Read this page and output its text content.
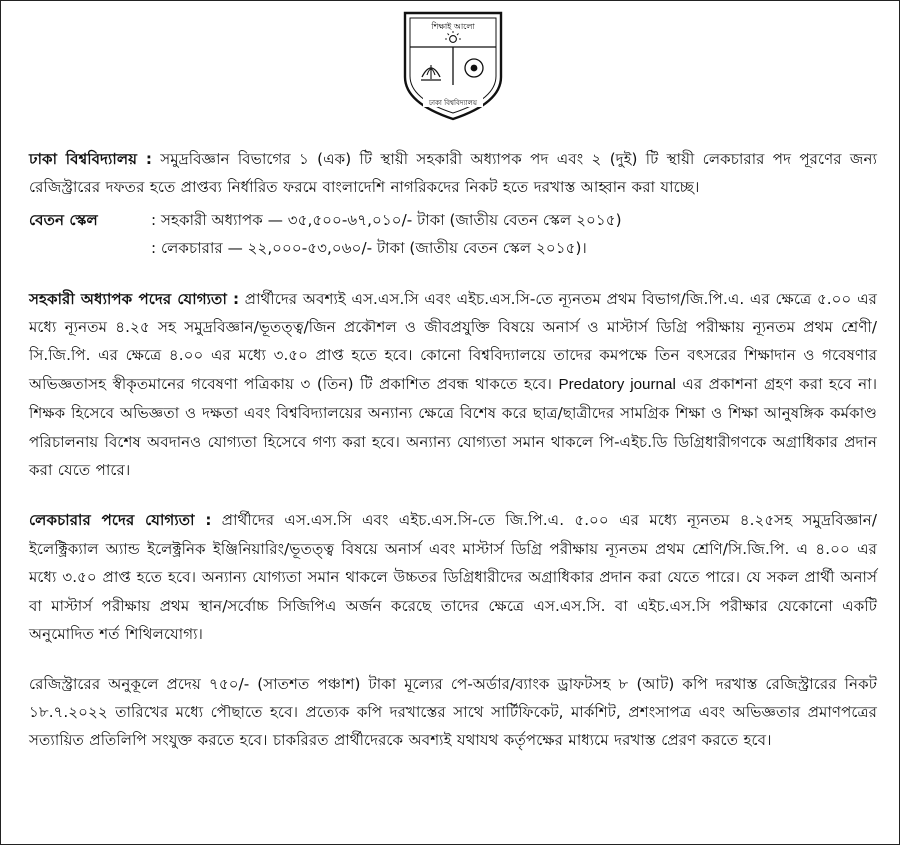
শিক্ষাই আলো
ঢাকা বিশ্ববিদ্যালয়

ঢাকা বিশ্ববিদ্যালয় : সমুদ্রবিজ্ঞান বিভাগের ১ (এক) টি স্থায়ী সহকারী অধ্যাপক পদ এবং ২ (দুই) টি স্থায়ী লেকচারার পদ পূরণের জন্য রেজিস্ট্রারের দফতর হতে প্রাপ্তব্য নির্ধারিত ফরমে বাংলাদেশি নাগরিকদের নিকট হতে দরখাস্ত আহ্বান করা যাচ্ছে।

বেতন স্কেল	: সহকারী অধ্যাপক — ৩৫,৫০০-৬৭,০১০/- টাকা (জাতীয় বেতন স্কেল ২০১৫)
: লেকচারার — ২২,০০০-৫৩,০৬০/- টাকা (জাতীয় বেতন স্কেল ২০১৫)।

সহকারী অধ্যাপক পদের যোগ্যতা : প্রার্থীদের অবশ্যই এস.এস.সি এবং এইচ.এস.সি-তে ন্যূনতম প্রথম বিভাগ/জি.পি.এ. এর ক্ষেত্রে ৫.০০ এর মধ্যে ন্যূনতম ৪.২৫ সহ সমুদ্রবিজ্ঞান/ভূতত্ত্ব/জিন প্রকৌশল ও জীবপ্রযুক্তি বিষয়ে অনার্স ও মাস্টার্স ডিগ্রি পরীক্ষায় ন্যূনতম প্রথম শ্রেণী/সি.জি.পি. এর ক্ষেত্রে ৪.০০ এর মধ্যে ৩.৫০ প্রাপ্ত হতে হবে। কোনো বিশ্ববিদ্যালয়ে তাদের কমপক্ষে তিন বৎসরের শিক্ষাদান ও গবেষণার অভিজ্ঞতাসহ স্বীকৃতমানের গবেষণা পত্রিকায় ৩ (তিন) টি প্রকাশিত প্রবন্ধ থাকতে হবে। Predatory journal এর প্রকাশনা গ্রহণ করা হবে না। শিক্ষক হিসেবে অভিজ্ঞতা ও দক্ষতা এবং বিশ্ববিদ্যালয়ের অন্যান্য ক্ষেত্রে বিশেষ করে ছাত্র/ছাত্রীদের সামগ্রিক শিক্ষা ও শিক্ষা আনুষঙ্গিক কর্মকাণ্ড পরিচালনায় বিশেষ অবদানও যোগ্যতা হিসেবে গণ্য করা হবে। অন্যান্য যোগ্যতা সমান থাকলে পি-এইচ.ডি ডিগ্রিধারীগণকে অগ্রাধিকার প্রদান করা যেতে পারে।

লেকচারার পদের যোগ্যতা : প্রার্থীদের এস.এস.সি এবং এইচ.এস.সি-তে জি.পি.এ. ৫.০০ এর মধ্যে ন্যূনতম ৪.২৫সহ সমুদ্রবিজ্ঞান/ইলেক্ট্রিক্যাল অ্যান্ড ইলেক্ট্রনিক ইঞ্জিনিয়ারিং/ভূতত্ত্ব বিষয়ে অনার্স এবং মাস্টার্স ডিগ্রি পরীক্ষায় ন্যূনতম প্রথম শ্রেণি/সি.জি.পি. এ ৪.০০ এর মধ্যে ৩.৫০ প্রাপ্ত হতে হবে। অন্যান্য যোগ্যতা সমান থাকলে উচ্চতর ডিগ্রিধারীদের অগ্রাধিকার প্রদান করা যেতে পারে। যে সকল প্রার্থী অনার্স বা মাস্টার্স পরীক্ষায় প্রথম স্থান/সর্বোচ্চ সিজিপিএ অর্জন করেছে তাদের ক্ষেত্রে এস.এস.সি. বা এইচ.এস.সি পরীক্ষার যেকোনো একটি অনুমোদিত শর্ত শিথিলযোগ্য।

রেজিস্ট্রারের অনুকূলে প্রদেয় ৭৫০/- (সাতশত পঞ্চাশ) টাকা মূল্যের পে-অর্ডার/ব্যাংক ড্রাফটসহ ৮ (আট) কপি দরখাস্ত রেজিস্ট্রারের নিকট ১৮.৭.২০২২ তারিখের মধ্যে পৌছাতে হবে। প্রত্যেক কপি দরখাস্তের সাথে সার্টিফিকেট, মার্কশিট, প্রশংসাপত্র এবং অভিজ্ঞতার প্রমাণপত্রের সত্যায়িত প্রতিলিপি সংযুক্ত করতে হবে। চাকরিরত প্রার্থীদেরকে অবশ্যই যথাযথ কর্তৃপক্ষের মাধ্যমে দরখাস্ত প্রেরণ করতে হবে।
